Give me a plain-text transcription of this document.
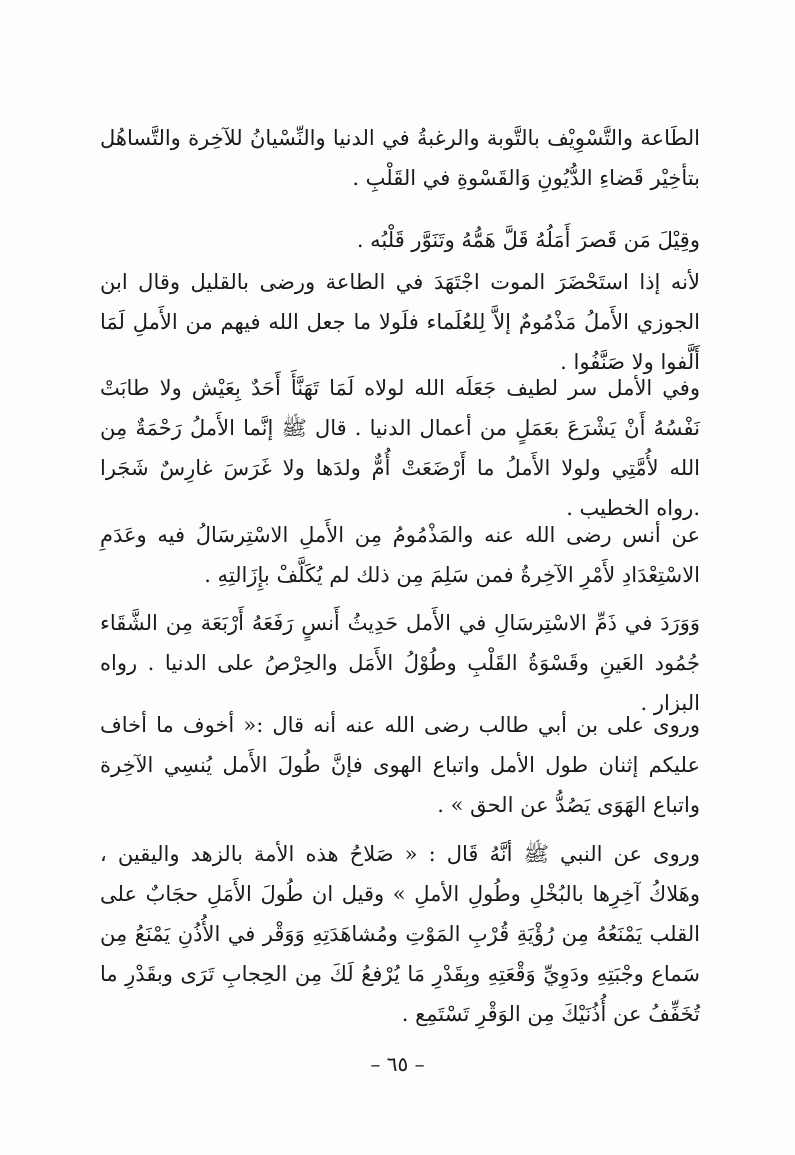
الطَاعة والتَّسْوِيْف بالتَّوبة والرغبةُ في الدنيا والنِّسْيانُ للآخِرة والتَّساهُل بتأخِيْر قَضاءِ الدُّيُونِ وَالقَسْوةِ في القَلْبِ .

وقِيْلَ مَن قَصرَ أَمَلُهُ قَلَّ هَمُّهُ وتَنَوَّر قَلْبُه .

لأنه إذا استَحْضَرَ الموت اجْتَهَدَ في الطاعة ورضى بالقليل وقال ابن الجوزي الأَملُ مَذْمُومٌ إلاَّ لِلعُلَماء فلَولا ما جعل الله فيهم من الأَملِ لَمَا أَلَّفوا ولا صَنَّفُوا .

وفي الأمل سر لطيف جَعَلَه الله لولاه لَمَا تَهَنَّأَ أَحَدٌ بِعَيْش ولا طابَتْ نَفْسُهُ أَنْ يَشْرَعَ بعَمَلٍ من أعمال الدنيا . قال ﷺ إنَّما الأَملُ رَحْمَةٌ مِن الله لأُمَّتِي ولولا الأَملُ ما أَرْضَعَتْ أُمٌّ ولدَها ولا غَرَسَ غارِسٌ شَجَرا .رواه الخطيب .

عن أنس رضى الله عنه والمَذْمُومُ مِن الأَملِ الاسْتِرسَالُ فيه وعَدَمِ الاسْتِعْدَادِ لأَمْرِ الآخِرةُ فمن سَلِمَ مِن ذلك لم يُكَلَّفْ بإِزَالتِهِ .

وَوَرَدَ في ذَمِّ الاسْتِرسَالِ في الأَمل حَدِيثُ أَنسٍ رَفَعَهُ أَرْبَعَة مِن الشَّقَاء جُمُود العَينِ وقَسْوَةُ القَلْبِ وطُوْلُ الأَمَل والحِرْصُ على الدنيا . رواه البزار .

وروى على بن أبي طالب رضى الله عنه أنه قال :« أخوف ما أخاف عليكم إثنان طول الأمل واتباع الهوى فإنَّ طُولَ الأَمل يُنسِي الآخِرة واتباع الهَوَى يَصُدُّ عن الحق » .

وروى عن النبي ﷺ أنَّهُ قَال : « صَلاحُ هذه الأمة بالزهد واليقين ، وهَلاكُ آخِرِها بالبُخْلِ وطُولِ الأملِ » وقيل ان طُولَ الأَمَلِ حجَابٌ على القلب يَمْنَعُهُ مِن رُؤْيَةِ قُرْبِ المَوْتِ ومُشاهَدَتِهِ وَوَقْر في الأُذُنِ يَمْنَعُ مِن سَماع وجْبَتِهِ ودَوِيِّ وَقْعَتِهِ وبِقَدْرِ مَا يُرْفعُ لَكَ مِن الحِجابِ تَرَى وبقَدْرِ ما تُخَفِّفُ عن أُذُنَيْكَ مِن الوَقْرِ تَسْتَمِع .

– ٦٥ –
